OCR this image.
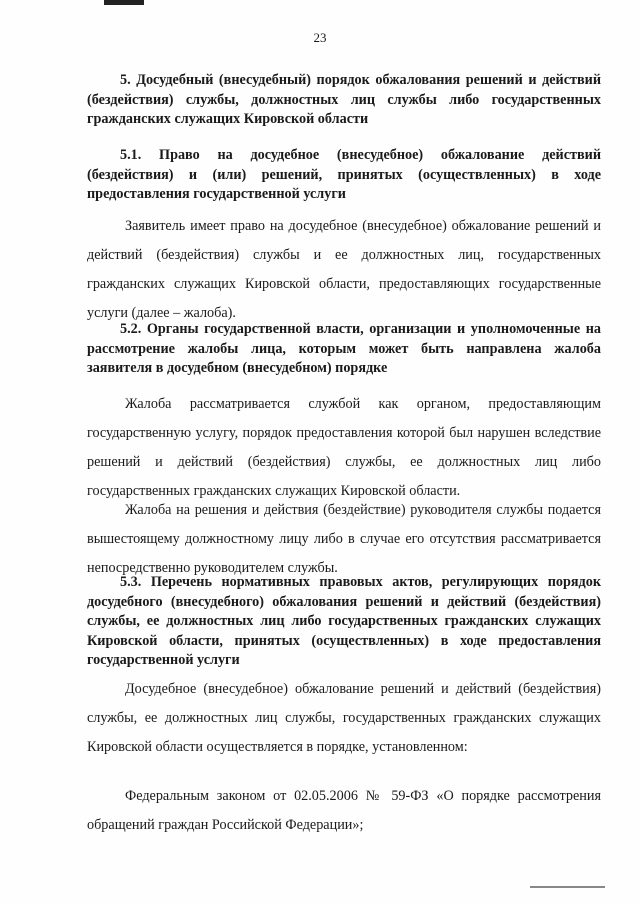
23
5. Досудебный (внесудебный) порядок обжалования решений и действий (бездействия) службы, должностных лиц службы либо государственных гражданских служащих Кировской области
5.1. Право на досудебное (внесудебное) обжалование действий (бездействия) и (или) решений, принятых (осуществленных) в ходе предоставления государственной услуги
Заявитель имеет право на досудебное (внесудебное) обжалование решений и действий (бездействия) службы и ее должностных лиц, государственных гражданских служащих Кировской области, предоставляющих государственные услуги (далее – жалоба).
5.2. Органы государственной власти, организации и уполномоченные на рассмотрение жалобы лица, которым может быть направлена жалоба заявителя в досудебном (внесудебном) порядке
Жалоба рассматривается службой как органом, предоставляющим государственную услугу, порядок предоставления которой был нарушен вследствие решений и действий (бездействия) службы, ее должностных лиц либо государственных гражданских служащих Кировской области.
Жалоба на решения и действия (бездействие) руководителя службы подается вышестоящему должностному лицу либо в случае его отсутствия рассматривается непосредственно руководителем службы.
5.3. Перечень нормативных правовых актов, регулирующих порядок досудебного (внесудебного) обжалования решений и действий (бездействия) службы, ее должностных лиц либо государственных гражданских служащих Кировской области, принятых (осуществленных) в ходе предоставления государственной услуги
Досудебное (внесудебное) обжалование решений и действий (бездействия) службы, ее должностных лиц службы, государственных гражданских служащих Кировской области осуществляется в порядке, установленном:
Федеральным законом от 02.05.2006 № 59-ФЗ «О порядке рассмотрения обращений граждан Российской Федерации»;
